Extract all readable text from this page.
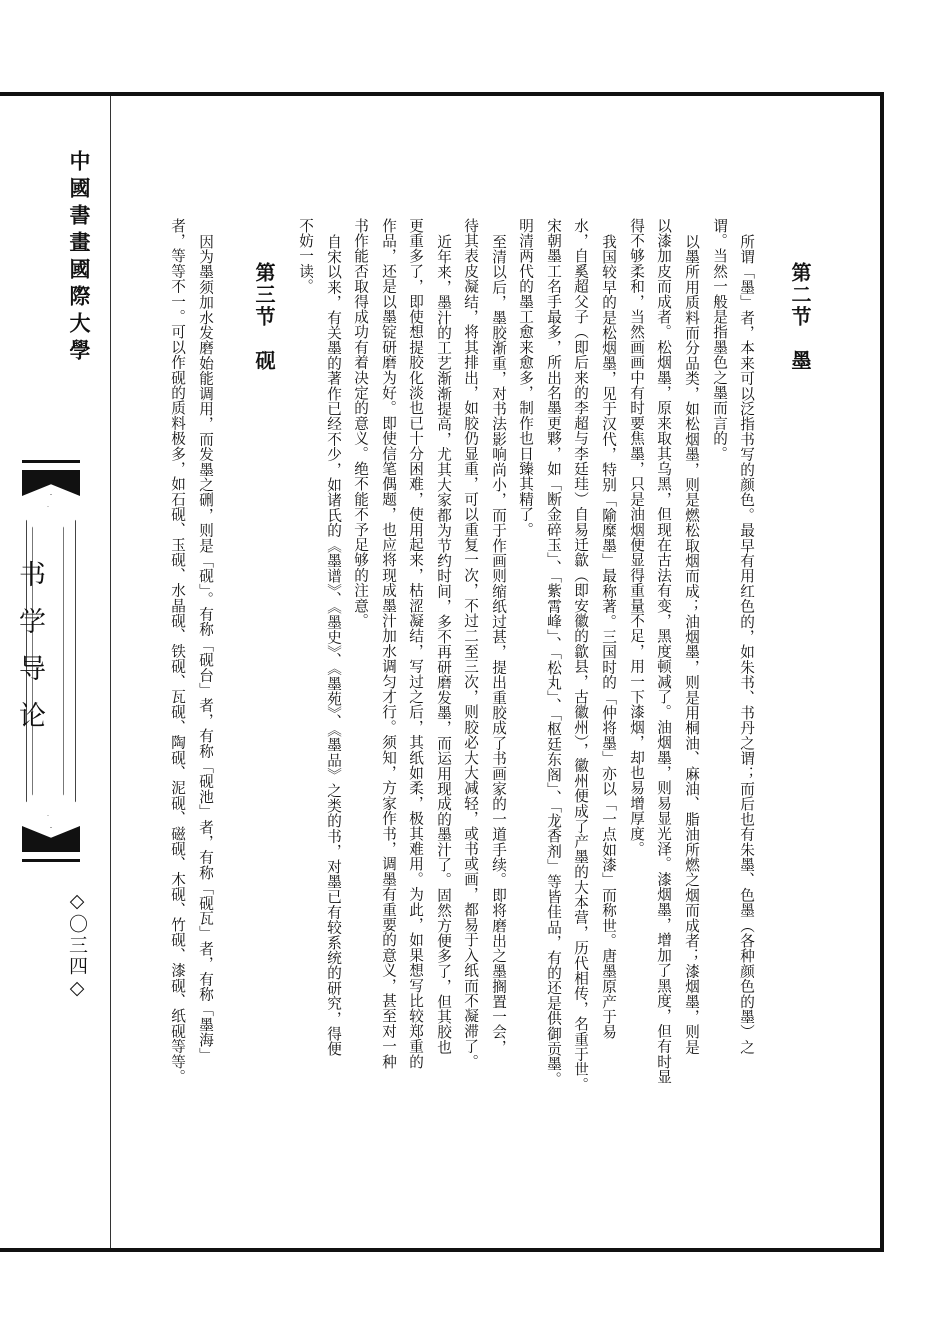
中國書畫國際大學
书学导论
◇〇三四◇
第二节　墨
所谓「墨」者，本来可以泛指书写的颜色。最早有用红色的，如朱书、书丹之谓；而后也有朱墨、色墨（各种颜色的墨）之
谓。当然一般是指墨色之墨而言的。
以墨所用质料而分品类，如松烟墨，则是燃松取烟而成；油烟墨，则是用桐油、麻油、脂油所燃之烟而成者；漆烟墨，则是
以漆加皮而成者。松烟墨，原来取其乌黑，但现在古法有变，黑度顿减了。油烟墨，则易显光泽。漆烟墨，增加了黑度，但有时显
得不够柔和，当然画画中有时要焦墨，只是油烟便显得重量不足，用一下漆烟，却也易增厚度。
我国较早的是松烟墨，见于汉代，特别「隃糜墨」最称著。三国时的「仲将墨」亦以「一点如漆」而称世。唐墨原产于易
水，自奚超父子（即后来的李超与李廷珪）自易迁歙（即安徽的歙县，古徽州），徽州便成了产墨的大本营，历代相传，名重于世。
宋朝墨工名手最多，所出名墨更夥，如「断金碎玉」、「紫霄峰」、「松丸」、「枢廷东阁」、「龙香剂」等皆佳品，有的还是供御贡墨。
明清两代的墨工愈来愈多，制作也日臻其精了。
至清以后，墨胶渐重，对书法影响尚小，而于作画则缩纸过甚，提出重胶成了书画家的一道手续。即将磨出之墨搁置一会，
待其表皮凝结，将其排出，如胶仍显重，可以重复一次，不过二至三次，则胶必大大减轻，或书或画，都易于入纸而不凝滞了。
近年来，墨汁的工艺渐渐提高，尤其大家都为节约时间，多不再研磨发墨，而运用现成的墨汁了。固然方便多了，但其胶也
更重多了，即使想提胶化淡也已十分困难，使用起来，枯涩凝结，写过之后，其纸如柔，极其难用。为此，如果想写比较郑重的
作品，还是以墨锭研磨为好。即使信笔偶题，也应将现成墨汁加水调匀才行。须知，方家作书，调墨有重要的意义，甚至对一种
书作能否取得成功有着决定的意义。绝不能不予足够的注意。
自宋以来，有关墨的著作已经不少，如诸氏的《墨谱》、《墨史》、《墨苑》、《墨品》之类的书，对墨已有较系统的研究，得便
不妨一读。
第三节　砚
因为墨须加水发磨始能调用，而发墨之硎，则是「砚」。有称「砚台」者，有称「砚池」者，有称「砚瓦」者，有称「墨海」
者，等等不一。可以作砚的质料极多，如石砚、玉砚、水晶砚、铁砚、瓦砚、陶砚、泥砚、磁砚、木砚、竹砚、漆砚、纸砚等等。
